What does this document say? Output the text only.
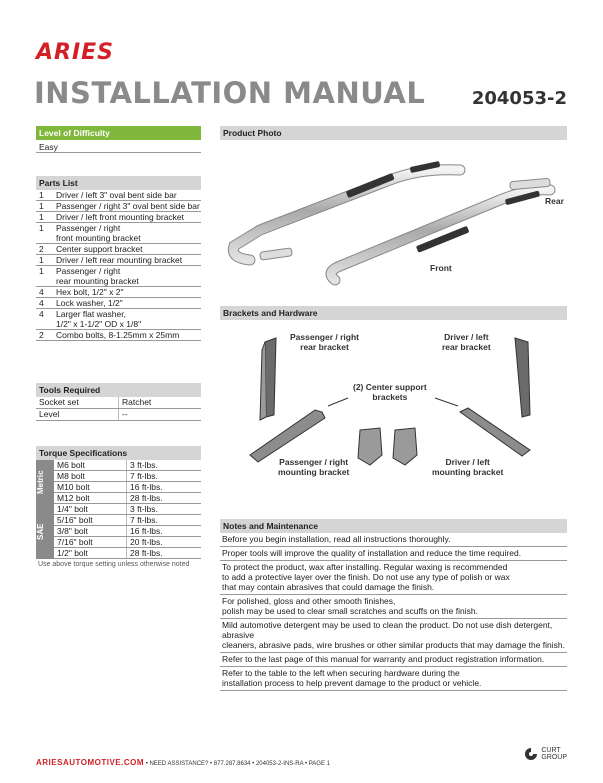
ARIES
INSTALLATION MANUAL	204053-2
Level of Difficulty
Easy
Parts List
1	Driver / left 3" oval bent side bar
1	Passenger / right 3" oval bent side bar
1	Driver / left front mounting bracket
1	Passenger / right
front mounting bracket
2	Center support bracket
1	Driver / left rear mounting bracket
1	Passenger / right
rear mounting bracket
4	Hex bolt, 1/2" x 2"
4	Lock washer, 1/2"
4	Larger flat washer,
1/2" x 1-1/2" OD x 1/8"
2	Combo bolts, 8-1.25mm x 25mm
Tools Required
Socket set	Ratchet
Level	--
Torque Specifications
Metric
M6 bolt	3 ft-lbs.
M8 bolt	7 ft-lbs.
M10 bolt	16 ft-lbs.
M12 bolt	28 ft-lbs.
SAE
1/4" bolt	3 ft-lbs.
5/16" bolt	7 ft-lbs.
3/8" bolt	16 ft-lbs.
7/16" bolt	20 ft-lbs.
1/2" bolt	28 ft-lbs.
Use above torque setting unless otherwise noted
Product Photo
Rear
Front
Brackets and Hardware
Passenger / right
rear bracket
Driver / left
rear bracket
(2) Center support
brackets
Passenger / right
mounting bracket
Driver / left
mounting bracket
Notes and Maintenance
Before you begin installation, read all instructions thoroughly.
Proper tools will improve the quality of installation and reduce the time required.
To protect the product, wax after installing. Regular waxing is recommended
to add a protective layer over the finish. Do not use any type of polish or wax
that may contain abrasives that could damage the finish.
For polished, gloss and other smooth finishes,
polish may be used to clear small scratches and scuffs on the finish.
Mild automotive detergent may be used to clean the product. Do not use dish detergent, abrasive
cleaners, abrasive pads, wire brushes or other similar products that may damage the finish.
Refer to the last page of this manual for warranty and product registration information.
Refer to the table to the left when securing hardware during the
installation process to help prevent damage to the product or vehicle.
ARIESAUTOMOTIVE.COM • NEED ASSISTANCE? • 877.287.8634 • 204053-2-INS-RA • PAGE 1
CURT
GROUP
